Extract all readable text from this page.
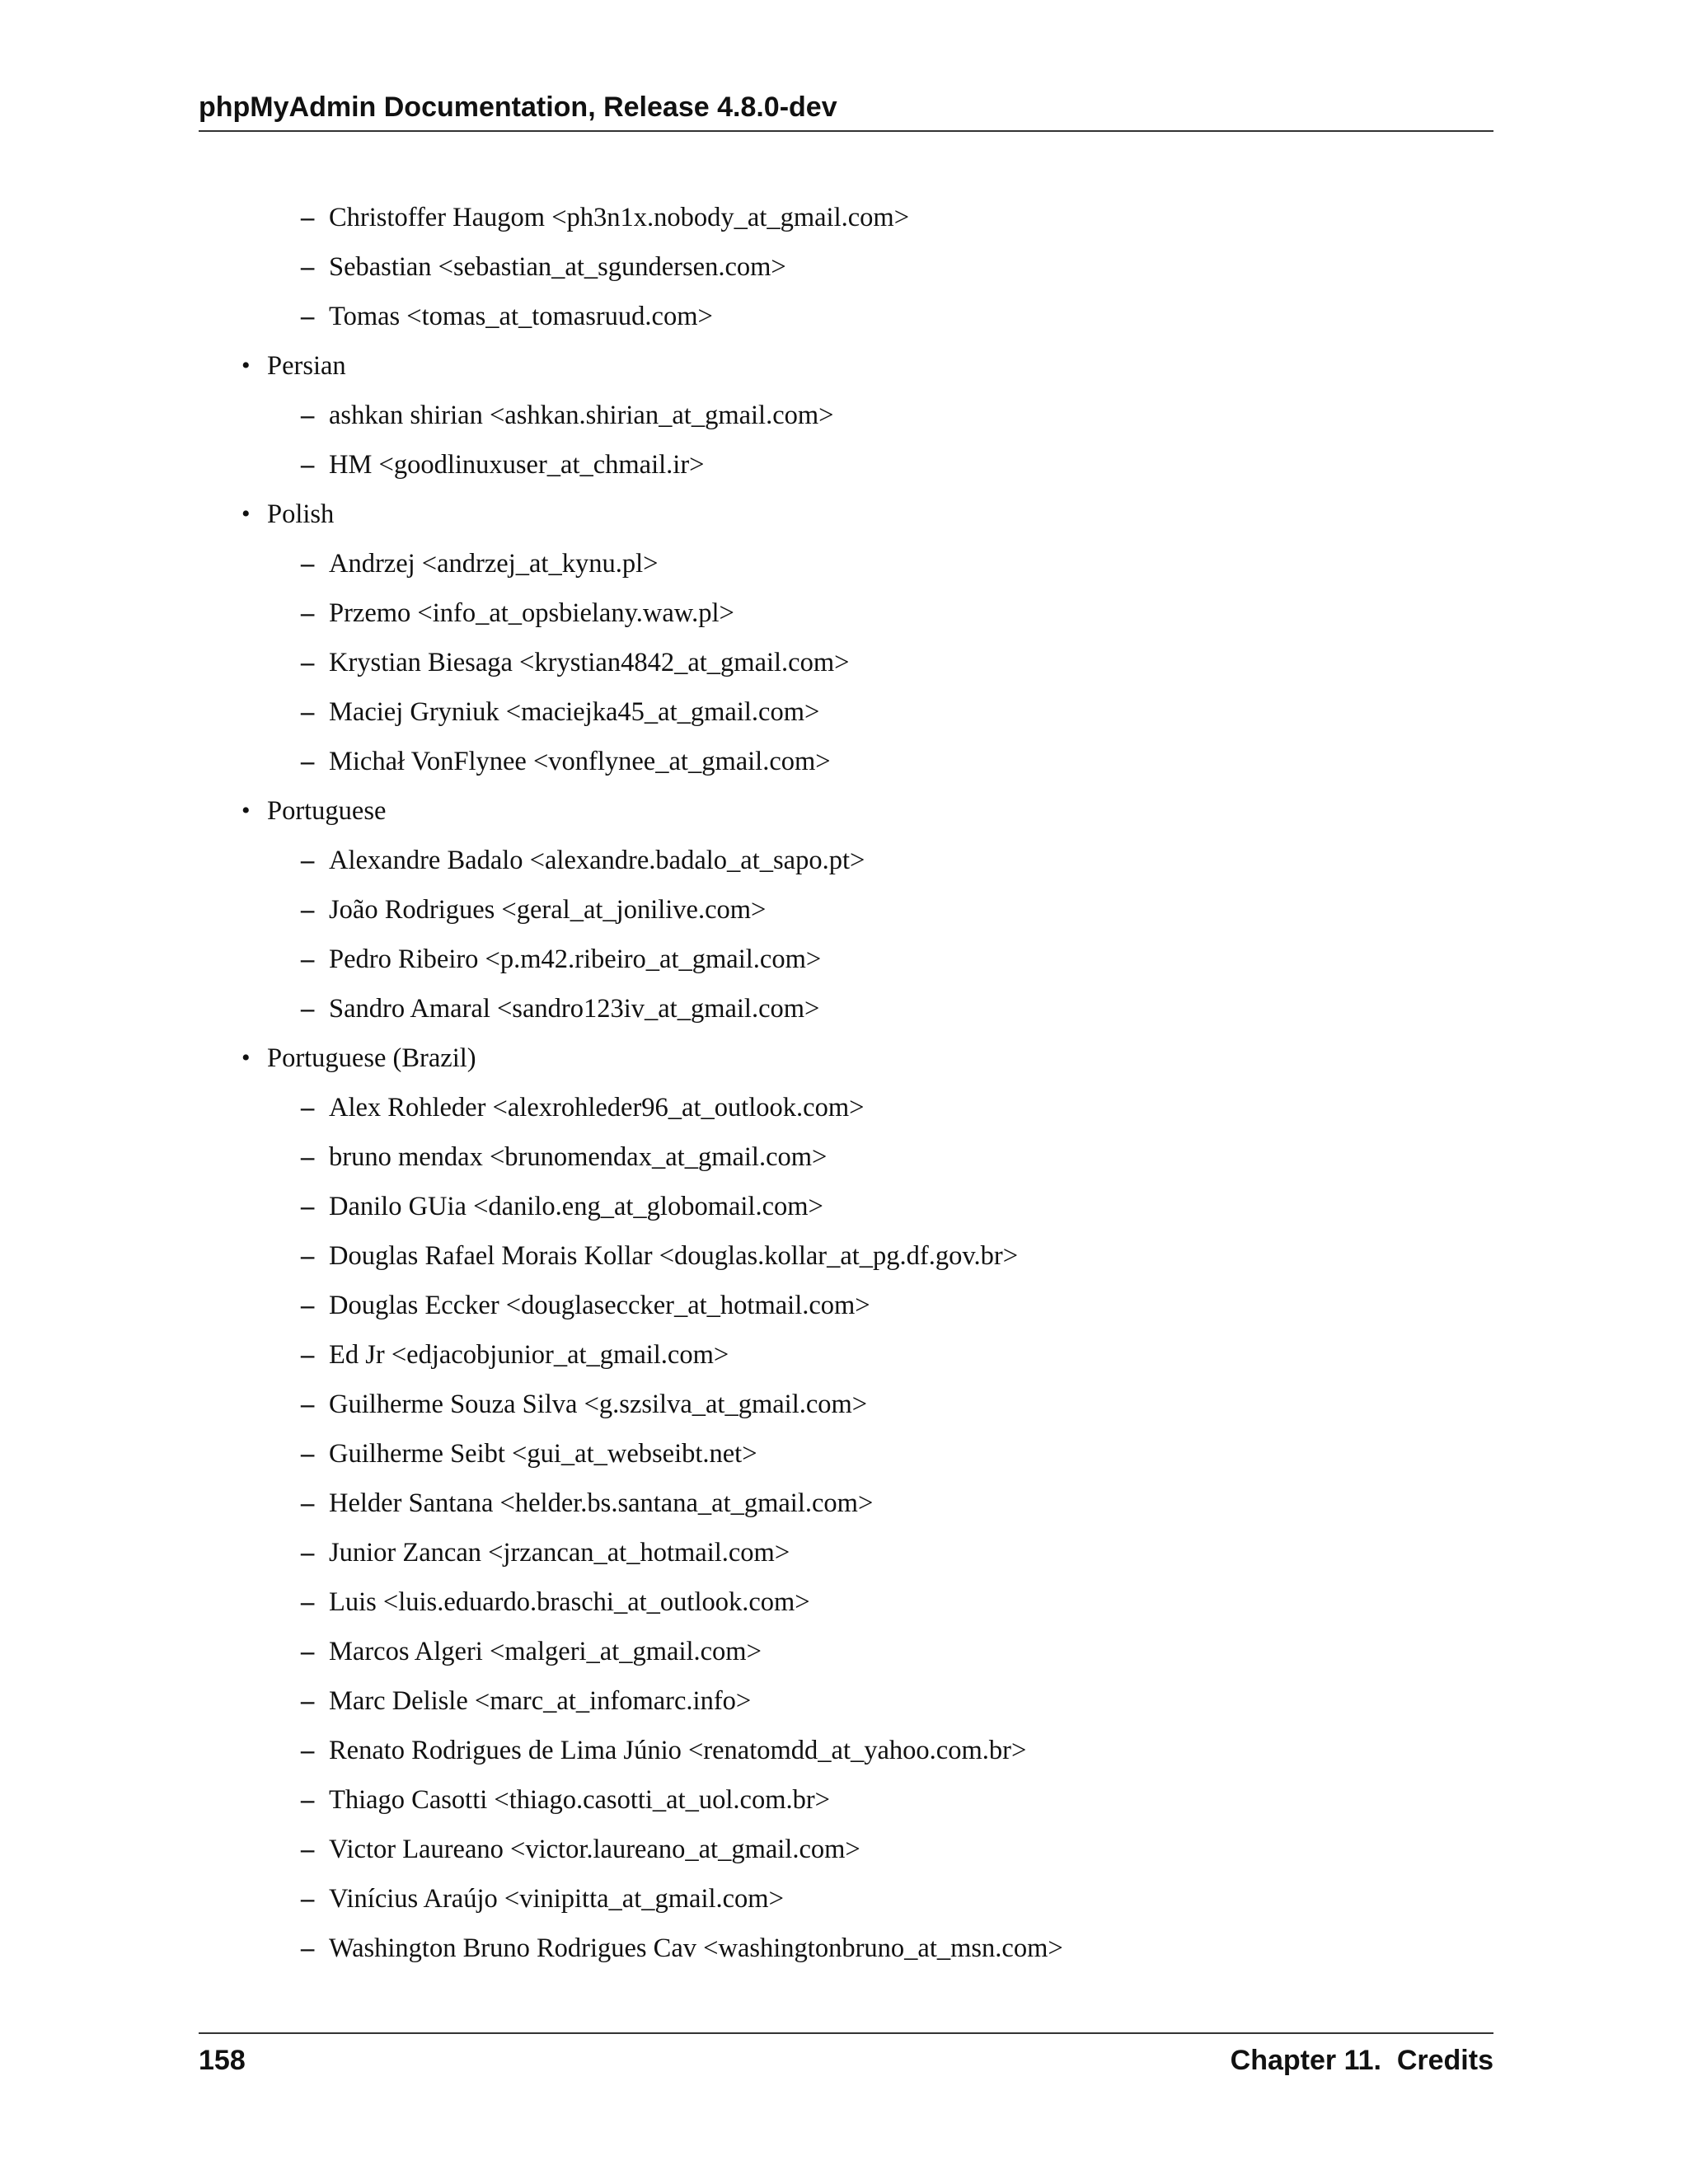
phpMyAdmin Documentation, Release 4.8.0-dev
– Christoffer Haugom <ph3n1x.nobody_at_gmail.com>
– Sebastian <sebastian_at_sgundersen.com>
– Tomas <tomas_at_tomasruud.com>
• Persian
– ashkan shirian <ashkan.shirian_at_gmail.com>
– HM <goodlinuxuser_at_chmail.ir>
• Polish
– Andrzej <andrzej_at_kynu.pl>
– Przemo <info_at_opsbielany.waw.pl>
– Krystian Biesaga <krystian4842_at_gmail.com>
– Maciej Gryniuk <maciejka45_at_gmail.com>
– Michał VonFlynee <vonflynee_at_gmail.com>
• Portuguese
– Alexandre Badalo <alexandre.badalo_at_sapo.pt>
– João Rodrigues <geral_at_jonilive.com>
– Pedro Ribeiro <p.m42.ribeiro_at_gmail.com>
– Sandro Amaral <sandro123iv_at_gmail.com>
• Portuguese (Brazil)
– Alex Rohleder <alexrohleder96_at_outlook.com>
– bruno mendax <brunomendax_at_gmail.com>
– Danilo GUia <danilo.eng_at_globomail.com>
– Douglas Rafael Morais Kollar <douglas.kollar_at_pg.df.gov.br>
– Douglas Eccker <douglaseccker_at_hotmail.com>
– Ed Jr <edjacobjunior_at_gmail.com>
– Guilherme Souza Silva <g.szsilva_at_gmail.com>
– Guilherme Seibt <gui_at_webseibt.net>
– Helder Santana <helder.bs.santana_at_gmail.com>
– Junior Zancan <jrzancan_at_hotmail.com>
– Luis <luis.eduardo.braschi_at_outlook.com>
– Marcos Algeri <malgeri_at_gmail.com>
– Marc Delisle <marc_at_infomarc.info>
– Renato Rodrigues de Lima Júnio <renatomdd_at_yahoo.com.br>
– Thiago Casotti <thiago.casotti_at_uol.com.br>
– Victor Laureano <victor.laureano_at_gmail.com>
– Vinícius Araújo <vinipitta_at_gmail.com>
– Washington Bruno Rodrigues Cav <washingtonbruno_at_msn.com>
158	Chapter 11.  Credits
